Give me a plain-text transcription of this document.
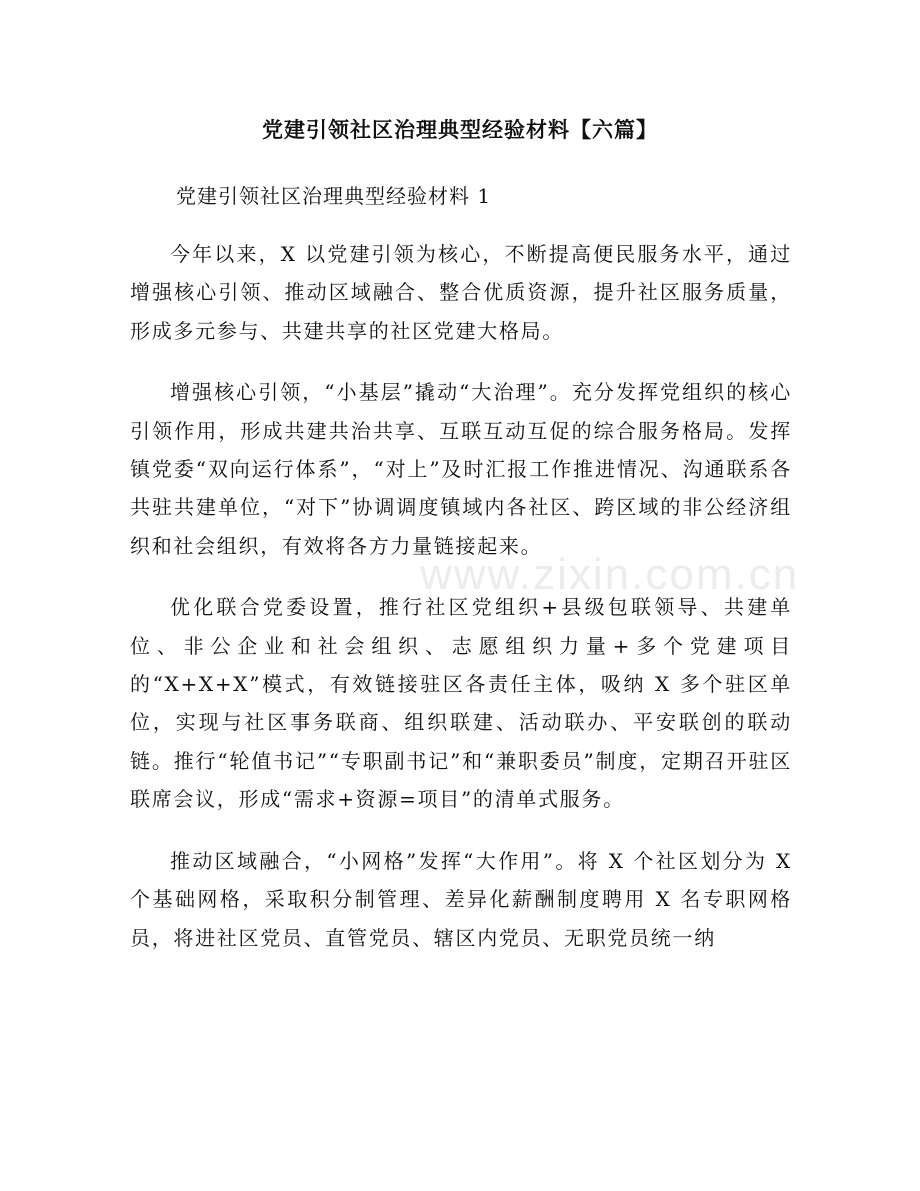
党建引领社区治理典型经验材料【六篇】
党建引领社区治理典型经验材料 1

今年以来，X 以党建引领为核心，不断提高便民服务水平，通过增强核心引领、推动区域融合、整合优质资源，提升社区服务质量，形成多元参与、共建共享的社区党建大格局。

增强核心引领，“小基层”撬动“大治理”。充分发挥党组织的核心引领作用，形成共建共治共享、互联互动互促的综合服务格局。发挥镇党委“双向运行体系”，“对上”及时汇报工作推进情况、沟通联系各共驻共建单位，“对下”协调调度镇域内各社区、跨区域的非公经济组织和社会组织，有效将各方力量链接起来。

优化联合党委设置，推行社区党组织+县级包联领导、共建单位、非公企业和社会组织、志愿组织力量+多个党建项目的“X+X+X”模式，有效链接驻区各责任主体，吸纳 X 多个驻区单位，实现与社区事务联商、组织联建、活动联办、平安联创的联动链。推行“轮值书记”“专职副书记”和“兼职委员”制度，定期召开驻区联席会议，形成“需求+资源=项目”的清单式服务。

推动区域融合，“小网格”发挥“大作用”。将 X 个社区划分为 X 个基础网格，采取积分制管理、差异化薪酬制度聘用 X 名专职网格员，将进社区党员、直管党员、辖区内党员、无职党员统一纳

www.zixin.com.cn
